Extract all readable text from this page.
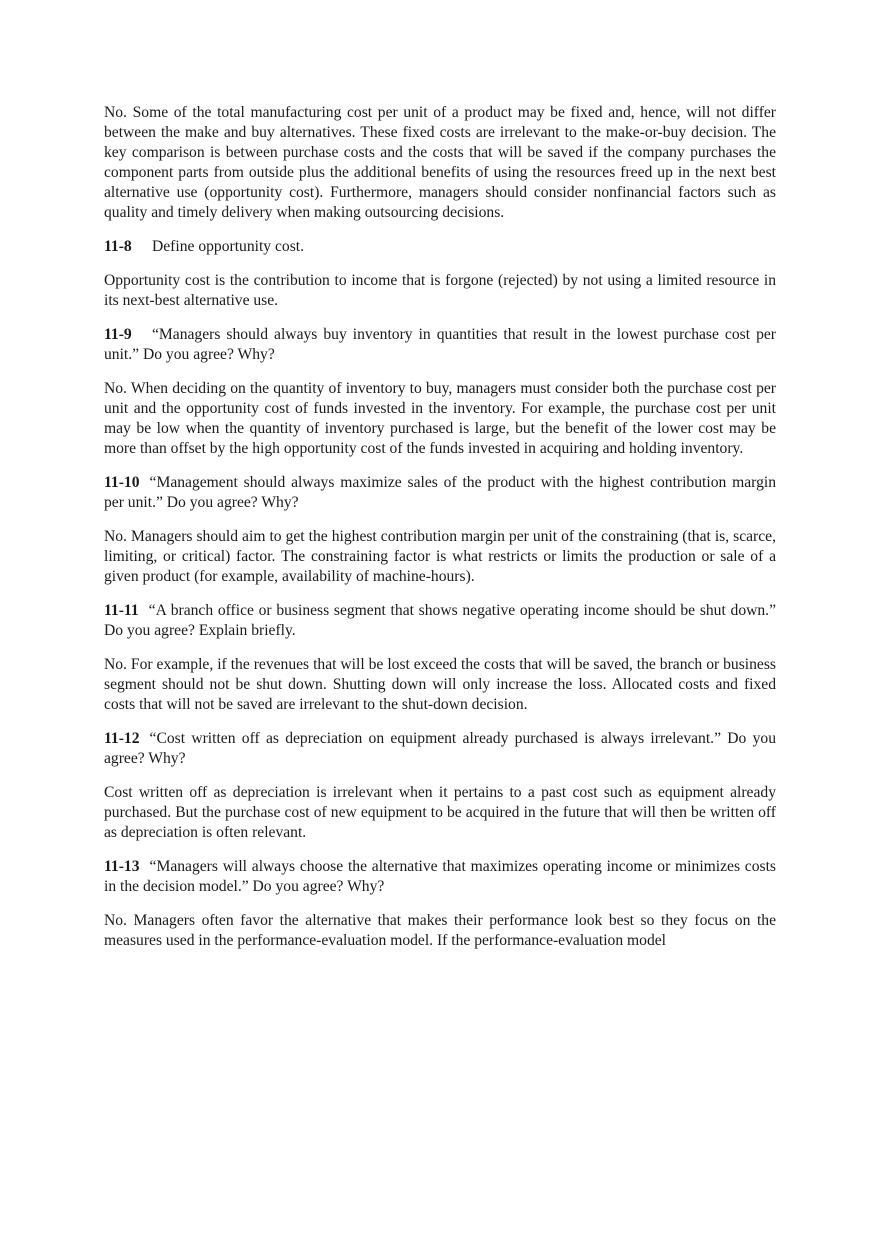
No. Some of the total manufacturing cost per unit of a product may be fixed and, hence, will not differ between the make and buy alternatives. These fixed costs are irrelevant to the make-or-buy decision. The key comparison is between purchase costs and the costs that will be saved if the company purchases the component parts from outside plus the additional benefits of using the resources freed up in the next best alternative use (opportunity cost). Furthermore, managers should consider nonfinancial factors such as quality and timely delivery when making outsourcing decisions.

11-8 Define opportunity cost.

Opportunity cost is the contribution to income that is forgone (rejected) by not using a limited resource in its next-best alternative use.

11-9 “Managers should always buy inventory in quantities that result in the lowest purchase cost per unit.” Do you agree? Why?

No. When deciding on the quantity of inventory to buy, managers must consider both the purchase cost per unit and the opportunity cost of funds invested in the inventory. For example, the purchase cost per unit may be low when the quantity of inventory purchased is large, but the benefit of the lower cost may be more than offset by the high opportunity cost of the funds invested in acquiring and holding inventory.

11-10 “Management should always maximize sales of the product with the highest contribution margin per unit.” Do you agree? Why?

No. Managers should aim to get the highest contribution margin per unit of the constraining (that is, scarce, limiting, or critical) factor. The constraining factor is what restricts or limits the production or sale of a given product (for example, availability of machine-hours).

11-11 “A branch office or business segment that shows negative operating income should be shut down.” Do you agree? Explain briefly.

No. For example, if the revenues that will be lost exceed the costs that will be saved, the branch or business segment should not be shut down. Shutting down will only increase the loss. Allocated costs and fixed costs that will not be saved are irrelevant to the shut-down decision.

11-12 “Cost written off as depreciation on equipment already purchased is always irrelevant.” Do you agree? Why?

Cost written off as depreciation is irrelevant when it pertains to a past cost such as equipment already purchased. But the purchase cost of new equipment to be acquired in the future that will then be written off as depreciation is often relevant.

11-13 “Managers will always choose the alternative that maximizes operating income or minimizes costs in the decision model.” Do you agree? Why?

No. Managers often favor the alternative that makes their performance look best so they focus on the measures used in the performance-evaluation model. If the performance-evaluation model
